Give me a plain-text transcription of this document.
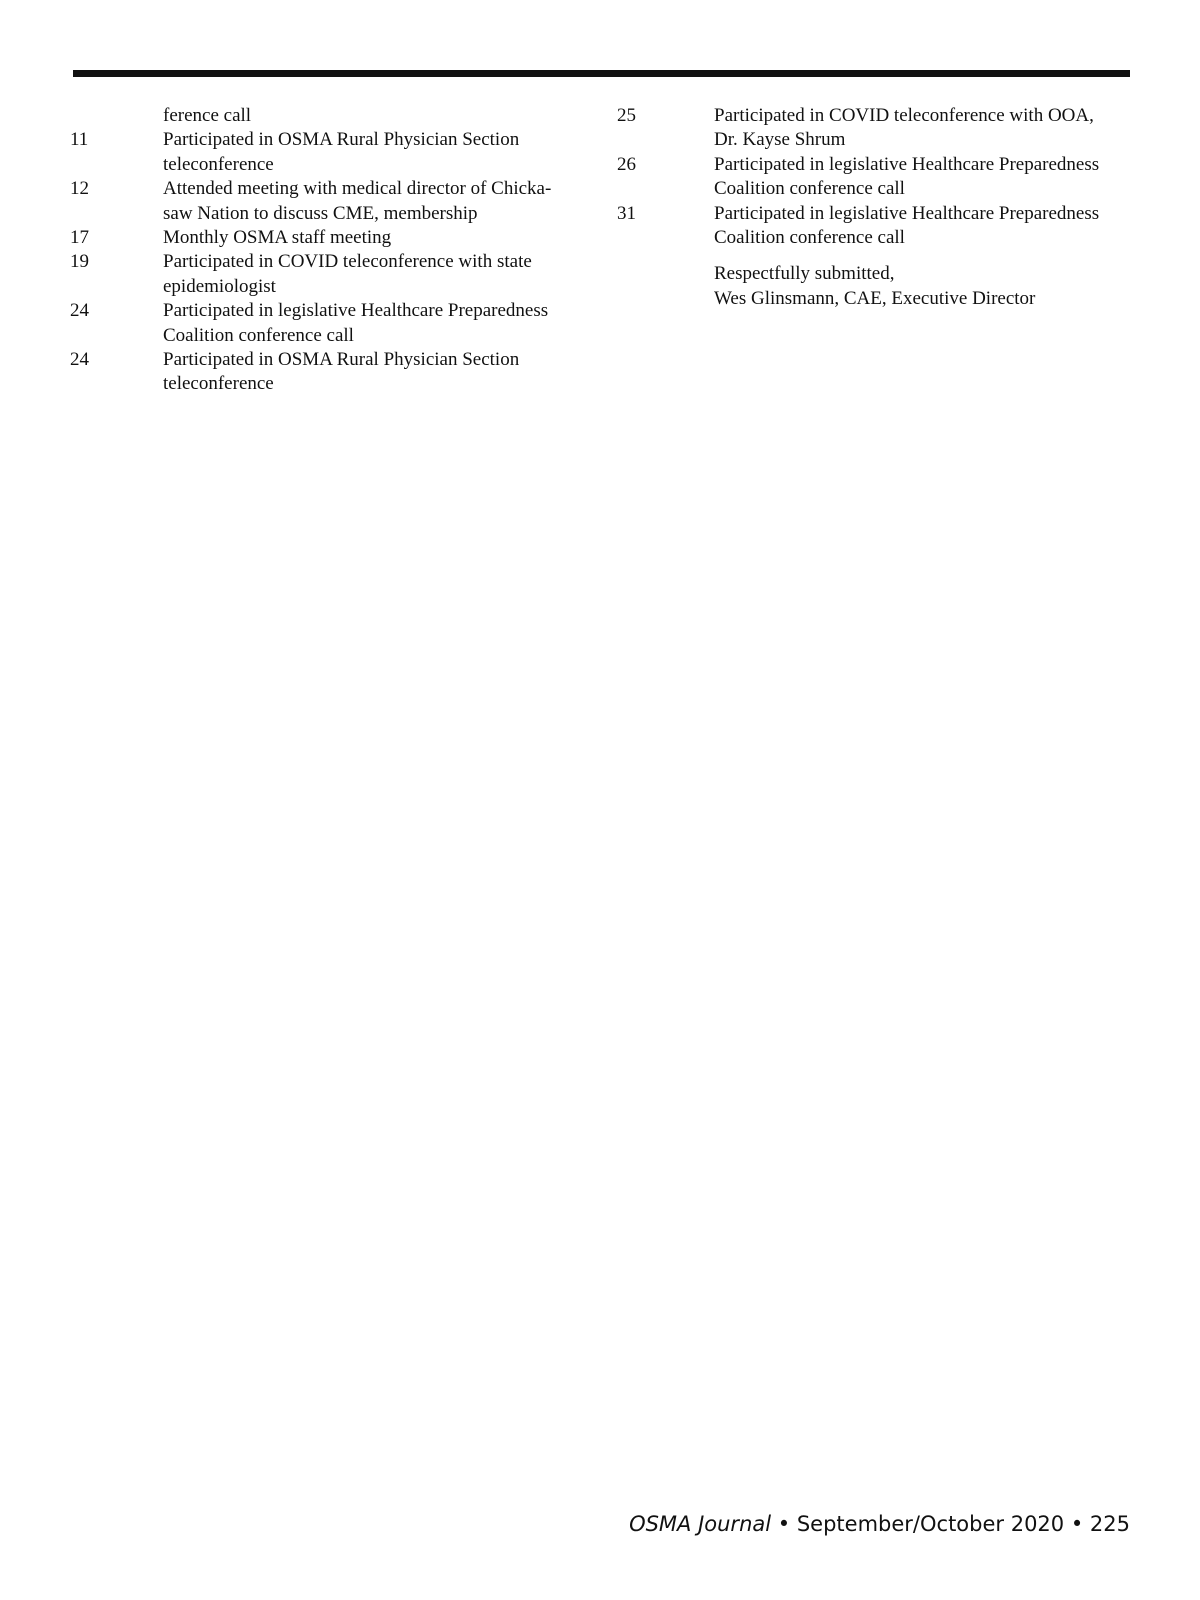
ference call
11	Participated in OSMA Rural Physician Section
teleconference
12	Attended meeting with medical director of Chicka-
saw Nation to discuss CME, membership
17	Monthly OSMA staff meeting
19	Participated in COVID teleconference with state
epidemiologist
24	Participated in legislative Healthcare Preparedness
Coalition conference call
24	Participated in OSMA Rural Physician Section
teleconference
25	Participated in COVID teleconference with OOA,
Dr. Kayse Shrum
26	Participated in legislative Healthcare Preparedness
Coalition conference call
31	Participated in legislative Healthcare Preparedness
Coalition conference call
Respectfully submitted,
Wes Glinsmann, CAE, Executive Director
OSMA Journal • September/October 2020 • 225
